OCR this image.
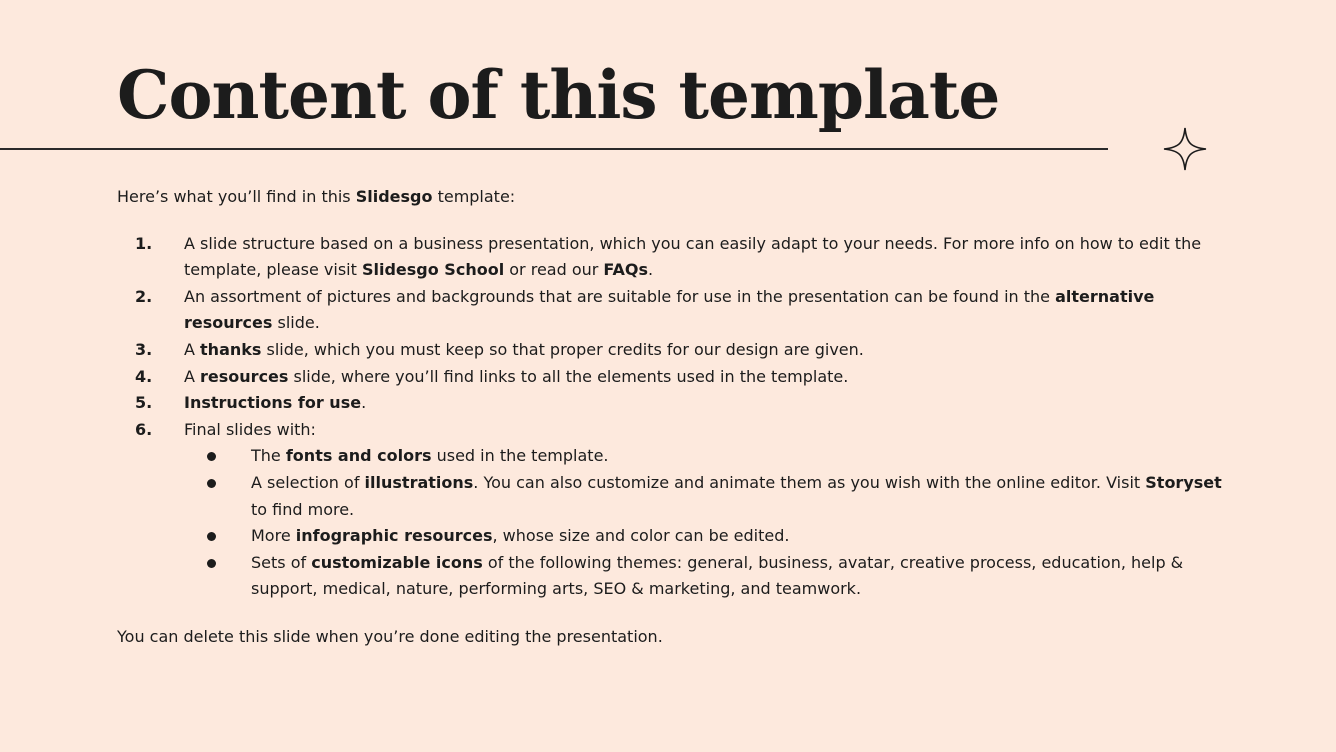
Content of this template

Here’s what you’ll find in this Slidesgo template:

1. A slide structure based on a business presentation, which you can easily adapt to your needs. For more info on how to edit the template, please visit Slidesgo School or read our FAQs.
2. An assortment of pictures and backgrounds that are suitable for use in the presentation can be found in the alternative resources slide.
3. A thanks slide, which you must keep so that proper credits for our design are given.
4. A resources slide, where you’ll find links to all the elements used in the template.
5. Instructions for use.
6. Final slides with:
The fonts and colors used in the template.
A selection of illustrations. You can also customize and animate them as you wish with the online editor. Visit Storyset to find more.
More infographic resources, whose size and color can be edited.
Sets of customizable icons of the following themes: general, business, avatar, creative process, education, help & support, medical, nature, performing arts, SEO & marketing, and teamwork.

You can delete this slide when you’re done editing the presentation.
